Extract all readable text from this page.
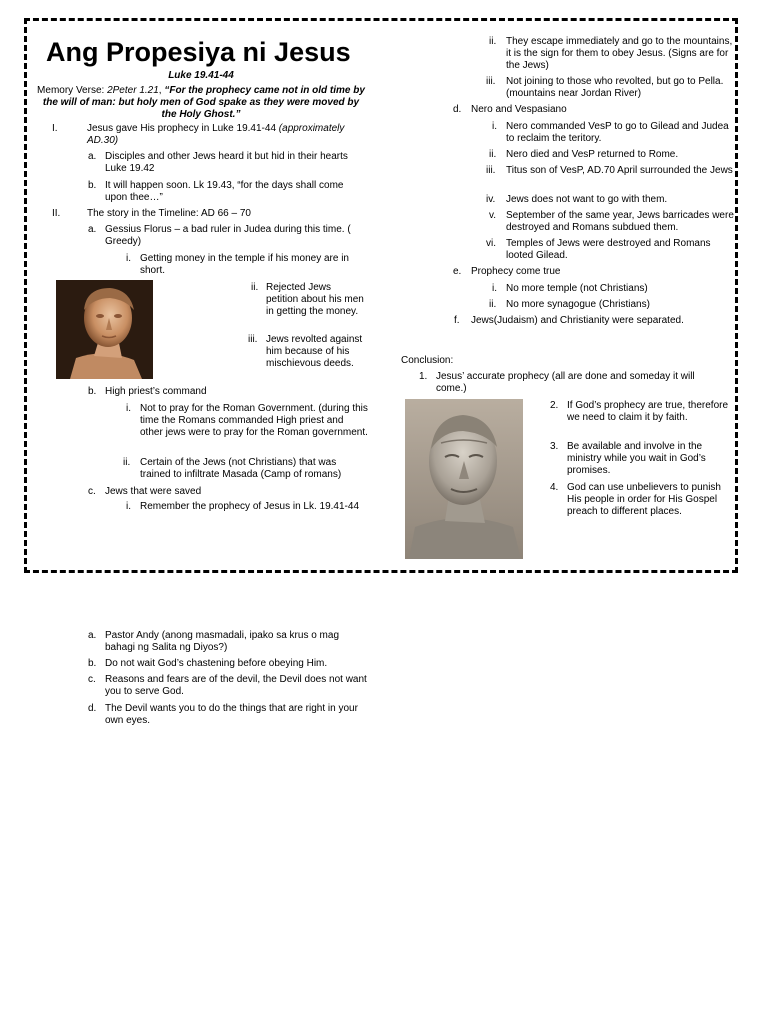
Ang Propesiya ni Jesus
Luke 19.41-44
Memory Verse: 2Peter 1.21, “For the prophecy came not in old time by the will of man: but holy men of God spake as they were moved by the Holy Ghost.”
I.	Jesus gave His prophecy in Luke 19.41-44 (approximately AD.30)
a. Disciples and other Jews heard it but hid in their hearts Luke 19.42
b. It will happen soon. Lk 19.43, “for the days shall come upon thee…”
II.	The story in the Timeline: AD 66 – 70
a. Gessius Florus – a bad ruler in Judea during this time. ( Greedy)
i. Getting money in the temple if his money are in short.
ii. Rejected Jews petition about his men in getting the money.
iii. Jews revolted against him because of his mischievous deeds.
b. High priest’s command
i. Not to pray for the Roman Government. (during this time the Romans commanded High priest and other jews were to pray for the Roman government.
ii. Certain of the Jews (not Christians) that was trained to infiltrate Masada (Camp of romans)
c. Jews that were saved
i. Remember the prophecy of Jesus in Lk. 19.41-44
ii. They escape immediately and go to the mountains, it is the sign for them to obey Jesus. (Signs are for the Jews)
iii. Not joining to those who revolted, but go to Pella. (mountains near Jordan River)
d. Nero and Vespasiano
i. Nero commanded VesP to go to Gilead and Judea to reclaim the teritory.
ii. Nero died and VesP returned to Rome.
iii. Titus son of VesP, AD.70 April surrounded the Jews
iv. Jews does not want to go with them.
v. September of the same year, Jews barricades were destroyed and Romans subdued them.
vi. Temples of Jews were destroyed and Romans looted Gilead.
e. Prophecy come true
i. No more temple (not Christians)
ii. No more synagogue (Christians)
f. Jews(Judaism) and Christianity were separated.
Conclusion:
1. Jesus’ accurate prophecy (all are done and someday it will come.)
2. If God’s prophecy are true, therefore we need to claim it by faith.
3. Be available and involve in the ministry while you wait in God’s promises.
4. God can use unbelievers to punish His people in order for His Gospel preach to different places.
a. Pastor Andy (anong masmadali, ipako sa krus o mag bahagi ng Salita ng Diyos?)
b. Do not wait God’s chastening before obeying Him.
c. Reasons and fears are of the devil, the Devil does not want you to serve God.
d. The Devil wants you to do the things that are right in your own eyes.
